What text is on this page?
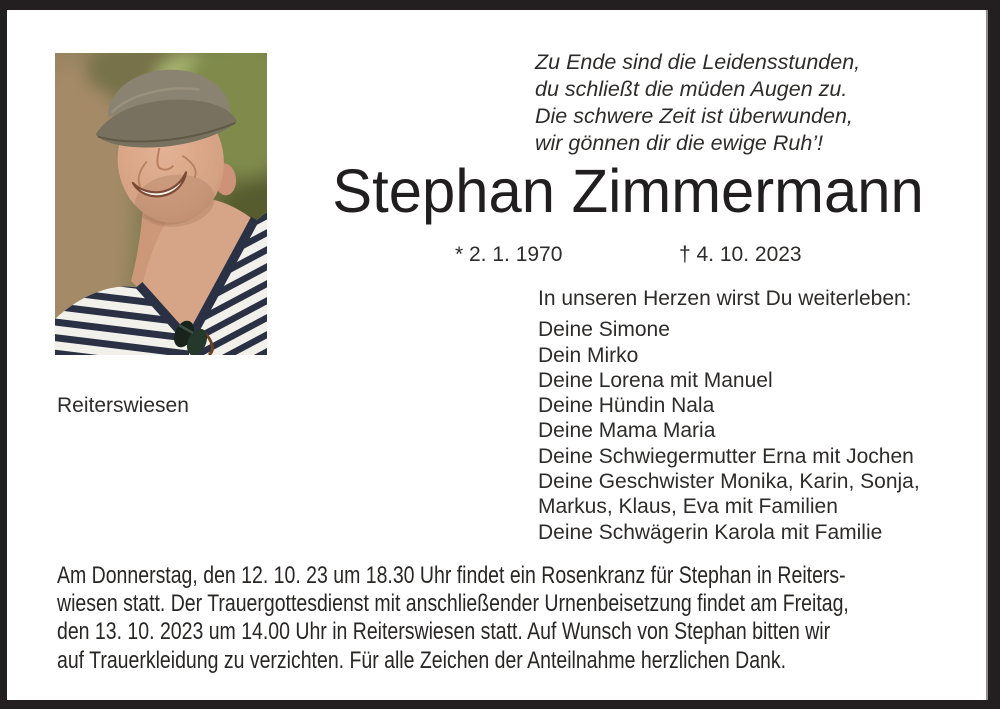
Zu Ende sind die Leidensstunden,
du schließt die müden Augen zu.
Die schwere Zeit ist überwunden,
wir gönnen dir die ewige Ruh’!
Stephan Zimmermann
* 2. 1. 1970	† 4. 10. 2023
In unseren Herzen wirst Du weiterleben:
Deine Simone
Dein Mirko
Deine Lorena mit Manuel
Deine Hündin Nala
Deine Mama Maria
Deine Schwiegermutter Erna mit Jochen
Deine Geschwister Monika, Karin, Sonja,
Markus, Klaus, Eva mit Familien
Deine Schwägerin Karola mit Familie
Reiterswiesen
Am Donnerstag, den 12. 10. 23 um 18.30 Uhr findet ein Rosenkranz für Stephan in Reiters-
wiesen statt. Der Trauergottesdienst mit anschließender Urnenbeisetzung findet am Freitag,
den 13. 10. 2023 um 14.00 Uhr in Reiterswiesen statt. Auf Wunsch von Stephan bitten wir
auf Trauerkleidung zu verzichten. Für alle Zeichen der Anteilnahme herzlichen Dank.
